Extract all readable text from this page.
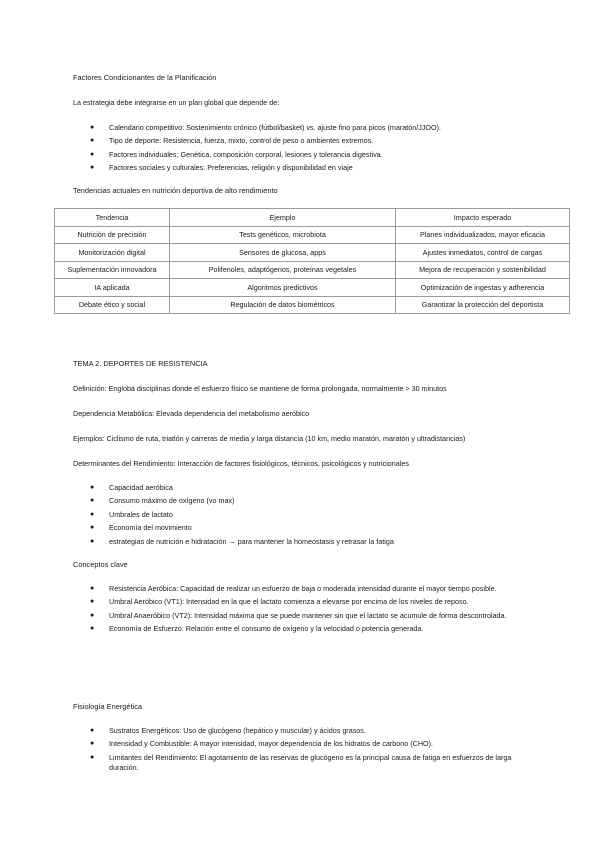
Factores Condicionantes de la Planificación
La estrategia debe integrarse en un plan global que depende de:
● Calendario competitivo: Sostenimiento crónico (fútbol/basket) vs. ajuste fino para picos (maratón/JJOO).
● Tipo de deporte: Resistencia, fuerza, mixto, control de peso o ambientes extremos.
● Factores individuales: Genética, composición corporal, lesiones y tolerancia digestiva.
● Factores sociales y culturales: Preferencias, religión y disponibilidad en viaje
Tendencias actuales en nutrición deportiva de alto rendimiento
Tendencia	Ejemplo	Impacto esperado
Nutrición de precisión	Tests genéticos, microbiota	Planes individualizados, mayor eficacia
Monitorización digital	Sensores de glucosa, apps	Ajustes inmediatos, control de cargas
Suplementación innovadora	Polifenoles, adaptógenos, proteínas vegetales	Mejora de recuperación y sostenibilidad
IA aplicada	Algoritmos predictivos	Optimización de ingestas y adherencia
Debate ético y social	Regulación de datos biométricos	Garantizar la protección del deportista
TEMA 2. DEPORTES DE RESISTENCIA
Definición: Engloba disciplinas donde el esfuerzo físico se mantiene de forma prolongada, normalmente > 30 minutos
Dependencia Metabólica: Elevada dependencia del metabolismo aeróbico
Ejemplos: Ciclismo de ruta, triatlón y carreras de media y larga distancia (10 km, medio maratón, maratón y ultradistancias)
Determinantes del Rendimiento: Interacción de factores fisiológicos, técnicos, psicológicos y nutricionales
● Capacidad aeróbica
● Consumo máximo de oxígeno (vo max)
● Umbrales de lactato
● Economía del movimiento
● estrategias de nutrición e hidratación → para mantener la homeostasis y retrasar la fatiga
Conceptos clave
● Resistencia Aeróbica: Capacidad de realizar un esfuerzo de baja o moderada intensidad durante el mayor tiempo posible.
● Umbral Aeróbico (VT1): Intensidad en la que el lactato comienza a elevarse por encima de los niveles de reposo.
● Umbral Anaeróbico (VT2): Intensidad máxima que se puede mantener sin que el lactato se acumule de forma descontrolada.
● Economía de Esfuerzo: Relación entre el consumo de oxígeno y la velocidad o potencia generada.
Fisiología Energética
● Sustratos Energéticos: Uso de glucógeno (hepático y muscular) y ácidos grasos.
● Intensidad y Combustible: A mayor intensidad, mayor dependencia de los hidratos de carbono (CHO).
● Limitantes del Rendimiento: El agotamiento de las reservas de glucógeno es la principal causa de fatiga en esfuerzos de larga duración.
